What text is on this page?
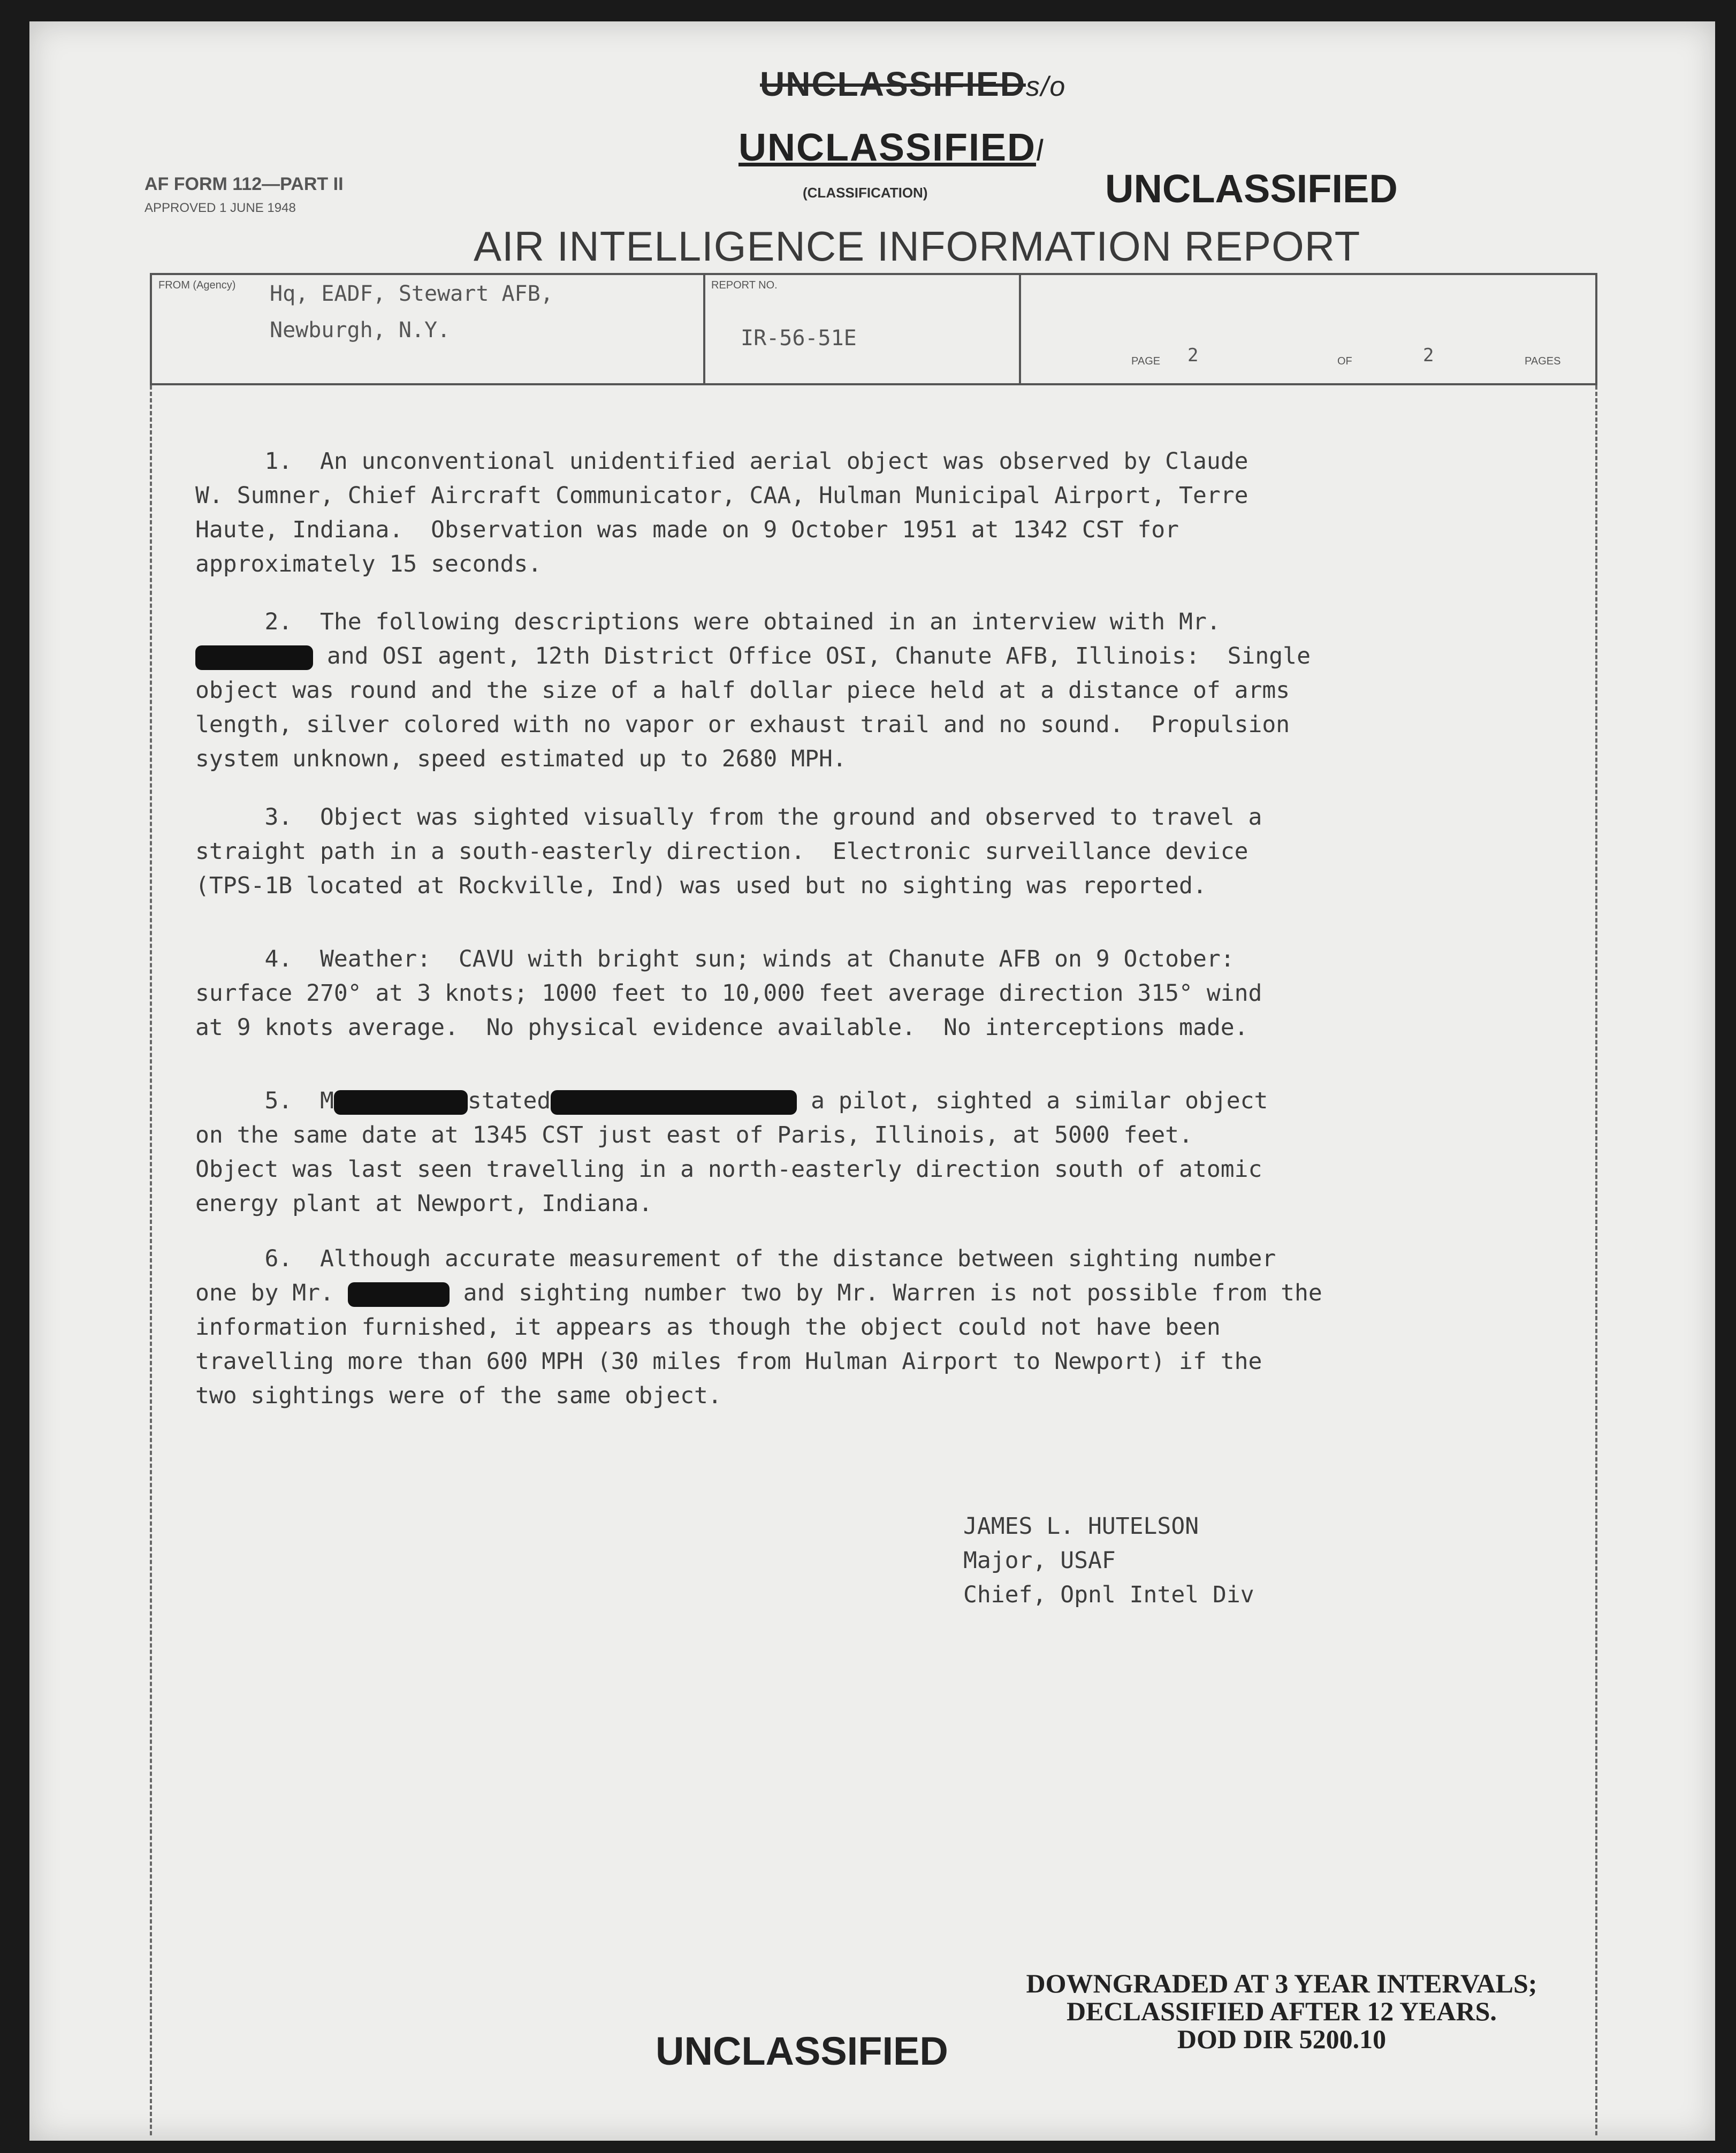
UNCLASSIFIEDs/o
UNCLASSIFIEDl
(CLASSIFICATION)	UNCLASSIFIED
AF FORM 112—PART II
APPROVED 1 JUNE 1948
AIR INTELLIGENCE INFORMATION REPORT
FROM (Agency) Hq, EADF, Stewart AFB,
Newburgh, N.Y.
REPORT NO.
IR-56-51E
PAGE 2	OF	2	PAGES
1.  An unconventional unidentified aerial object was observed by Claude
W. Sumner, Chief Aircraft Communicator, CAA, Hulman Municipal Airport, Terre
Haute, Indiana.  Observation was made on 9 October 1951 at 1342 CST for
approximately 15 seconds.
2.  The following descriptions were obtained in an interview with Mr.
and OSI agent, 12th District Office OSI, Chanute AFB, Illinois:  Single
object was round and the size of a half dollar piece held at a distance of arms
length, silver colored with no vapor or exhaust trail and no sound.  Propulsion
system unknown, speed estimated up to 2680 MPH.
3.  Object was sighted visually from the ground and observed to travel a
straight path in a south-easterly direction.  Electronic surveillance device
(TPS-1B located at Rockville, Ind) was used but no sighting was reported.
4.  Weather:  CAVU with bright sun; winds at Chanute AFB on 9 October:
surface 270° at 3 knots; 1000 feet to 10,000 feet average direction 315° wind
at 9 knots average.  No physical evidence available.  No interceptions made.
5.  M	stated	a pilot, sighted a similar object
on the same date at 1345 CST just east of Paris, Illinois, at 5000 feet.
Object was last seen travelling in a north-easterly direction south of atomic
energy plant at Newport, Indiana.
6.  Although accurate measurement of the distance between sighting number
one by Mr.	and sighting number two by Mr. Warren is not possible from the
information furnished, it appears as though the object could not have been
travelling more than 600 MPH (30 miles from Hulman Airport to Newport) if the
two sightings were of the same object.
JAMES L. HUTELSON
Major, USAF
Chief, Opnl Intel Div
DOWNGRADED AT 3 YEAR INTERVALS;
DECLASSIFIED AFTER 12 YEARS.
DOD DIR 5200.10
UNCLASSIFIED
